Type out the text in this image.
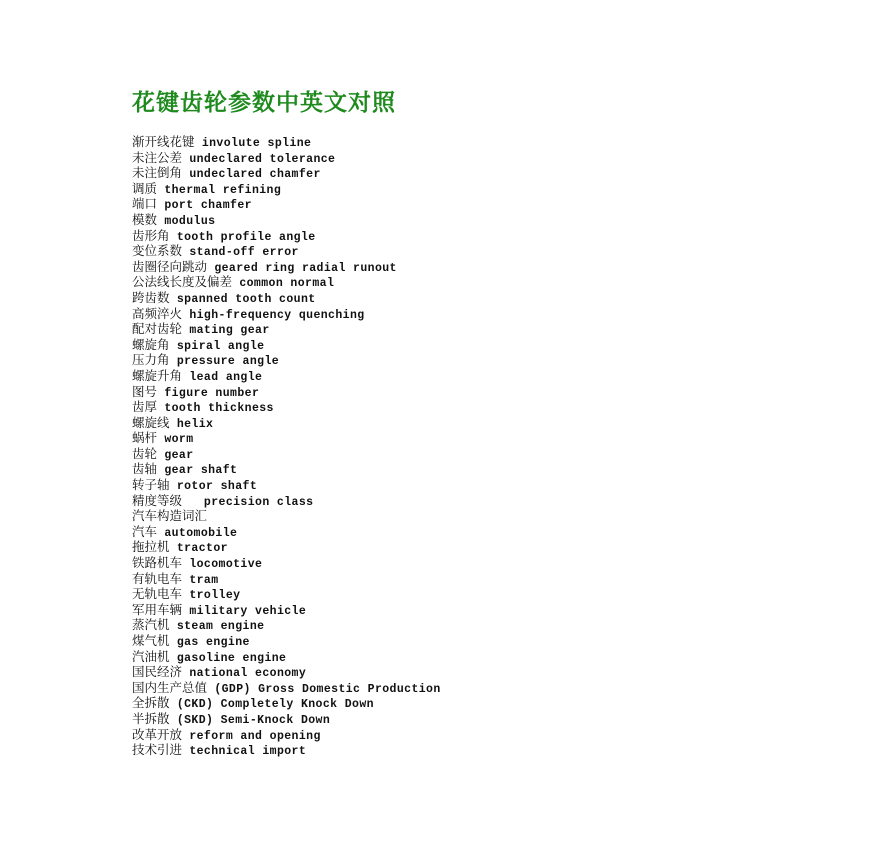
花键齿轮参数中英文对照
渐开线花键 involute spline
未注公差 undeclared tolerance
未注倒角 undeclared chamfer
调质 thermal refining
端口 port chamfer
模数 modulus
齿形角 tooth profile angle
变位系数 stand-off error
齿圈径向跳动 geared ring radial runout
公法线长度及偏差 common normal
跨齿数 spanned tooth count
高频淬火 high-frequency quenching
配对齿轮 mating gear
螺旋角 spiral angle
压力角 pressure angle
螺旋升角 lead angle
图号 figure number
齿厚 tooth thickness
螺旋线 helix
蜗杆 worm
齿轮 gear
齿轴 gear shaft
转子轴 rotor shaft
精度等级 precision class
汽车构造词汇
汽车 automobile
拖拉机 tractor
铁路机车 locomotive
有轨电车 tram
无轨电车 trolley
军用车辆 military vehicle
蒸汽机 steam engine
煤气机 gas engine
汽油机 gasoline engine
国民经济 national economy
国内生产总值 (GDP) Gross Domestic Production
全拆散 (CKD) Completely Knock Down
半拆散 (SKD) Semi-Knock Down
改革开放 reform and opening
技术引进 technical import
